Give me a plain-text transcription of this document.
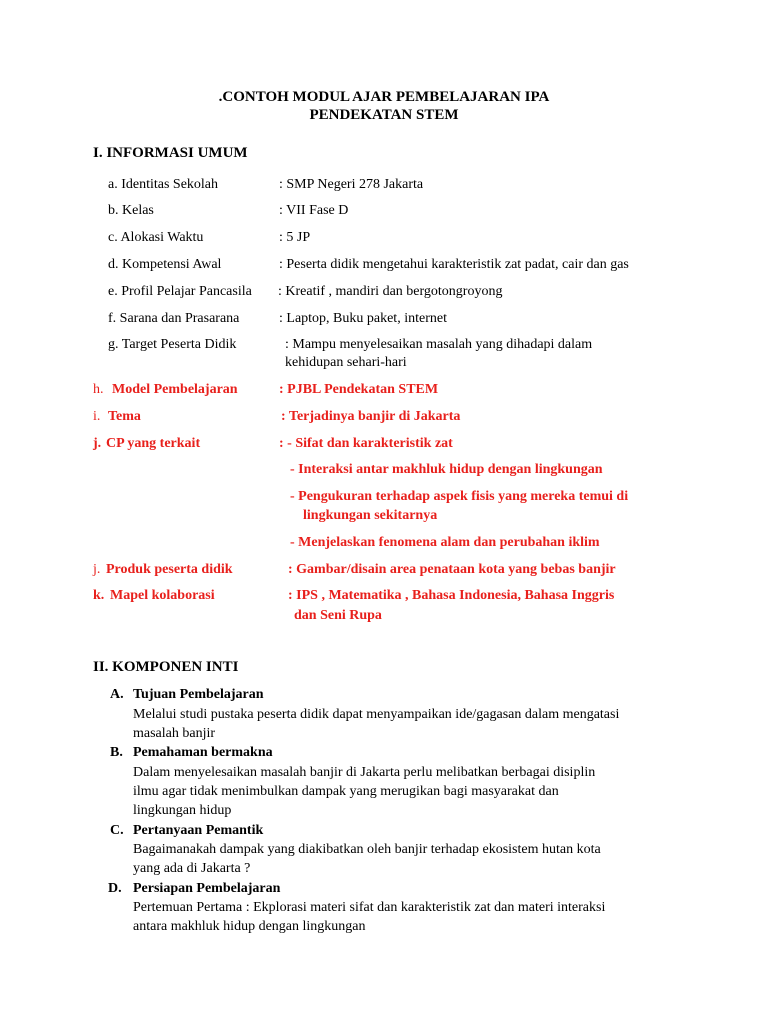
.CONTOH MODUL AJAR PEMBELAJARAN IPA
PENDEKATAN STEM
I. INFORMASI UMUM
a. Identitas Sekolah	: SMP Negeri 278 Jakarta
b. Kelas	: VII Fase D
c. Alokasi Waktu	: 5 JP
d. Kompetensi Awal	: Peserta didik mengetahui karakteristik zat padat, cair dan gas
e. Profil Pelajar Pancasila : Kreatif , mandiri dan bergotongroyong
f. Sarana dan Prasarana	: Laptop, Buku paket, internet
g. Target Peserta Didik	: Mampu menyelesaikan masalah yang dihadapi dalam
kehidupan sehari-hari
h. Model Pembelajaran	: PJBL Pendekatan STEM
i. Tema	: Terjadinya banjir di Jakarta
j. CP yang terkait	: - Sifat dan karakteristik zat
- Interaksi antar makhluk hidup dengan lingkungan
- Pengukuran terhadap aspek fisis yang mereka temui di
lingkungan sekitarnya
- Menjelaskan fenomena alam dan perubahan iklim
j. Produk peserta didik	: Gambar/disain area penataan kota yang bebas banjir
k. Mapel kolaborasi	: IPS , Matematika , Bahasa Indonesia, Bahasa Inggris
dan Seni Rupa
II. KOMPONEN INTI
A. Tujuan Pembelajaran
Melalui studi pustaka peserta didik dapat menyampaikan ide/gagasan dalam mengatasi
masalah banjir
B. Pemahaman bermakna
Dalam menyelesaikan masalah banjir di Jakarta perlu melibatkan berbagai disiplin
ilmu agar tidak menimbulkan dampak yang merugikan bagi masyarakat dan
lingkungan hidup
C. Pertanyaan Pemantik
Bagaimanakah dampak yang diakibatkan oleh banjir terhadap ekosistem hutan kota
yang ada di Jakarta ?
D. Persiapan Pembelajaran
Pertemuan Pertama : Ekplorasi materi sifat dan karakteristik zat dan materi interaksi
antara makhluk hidup dengan lingkungan
